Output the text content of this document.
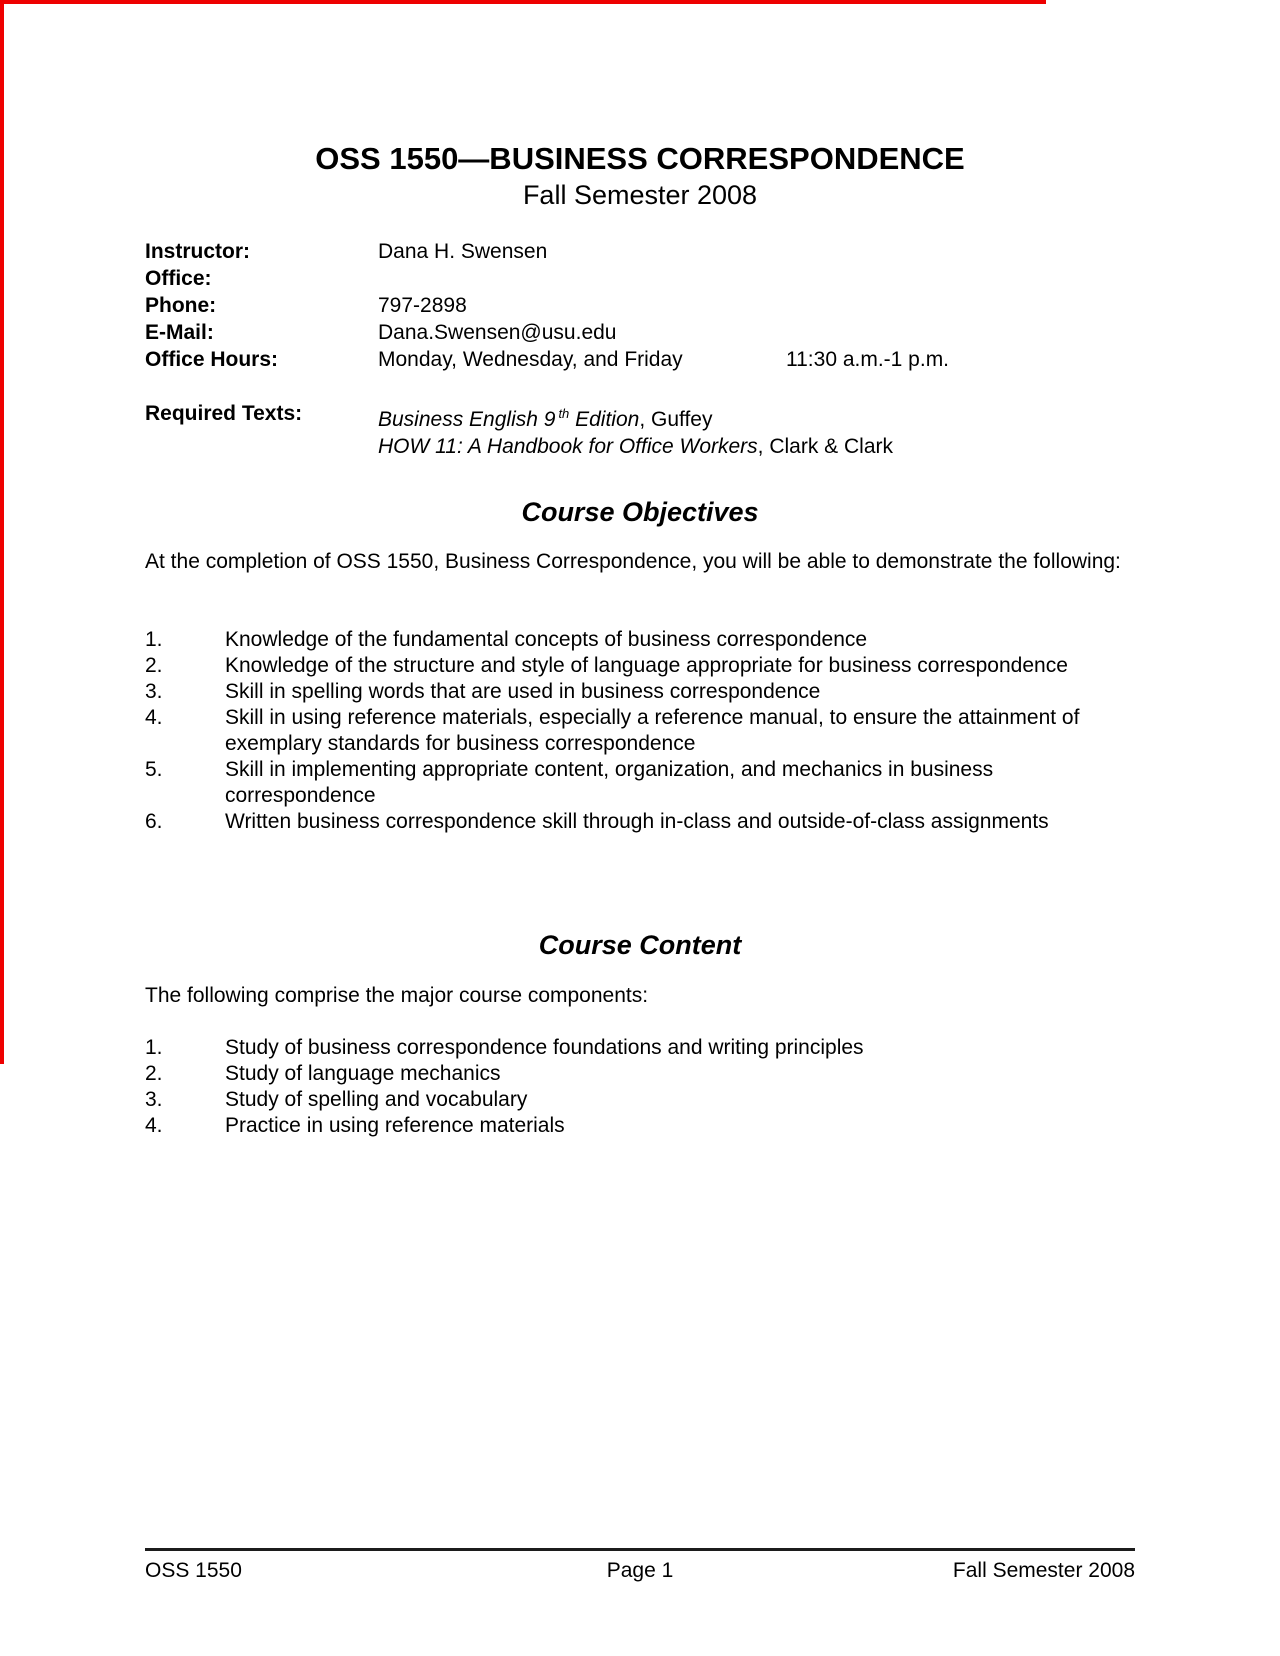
OSS 1550—BUSINESS CORRESPONDENCE
Fall Semester 2008
Instructor:	Dana H. Swensen
Office:
Phone:	797-2898
E-Mail:	Dana.Swensen@usu.edu
Office Hours:	Monday, Wednesday, and Friday	11:30 a.m.-1 p.m.
Required Texts:	Business English 9 $^{th}$ Edition, Guffey
HOW 11: A Handbook for Office Workers, Clark & Clark
Course Objectives
At the completion of OSS 1550, Business Correspondence, you will be able to demonstrate the following:
1.	Knowledge of the fundamental concepts of business correspondence
2.	Knowledge of the structure and style of language appropriate for business correspondence
3.	Skill in spelling words that are used in business correspondence
4.	Skill in using reference materials, especially a reference manual, to ensure the attainment of exemplary standards for business correspondence
5.	Skill in implementing appropriate content, organization, and mechanics in business correspondence
6.	Written business correspondence skill through in-class and outside-of-class assignments
Course Content
The following comprise the major course components:
1.	Study of business correspondence foundations and writing principles
2.	Study of language mechanics
3.	Study of spelling and vocabulary
4.	Practice in using reference materials
OSS 1550	Page 1	Fall Semester 2008
